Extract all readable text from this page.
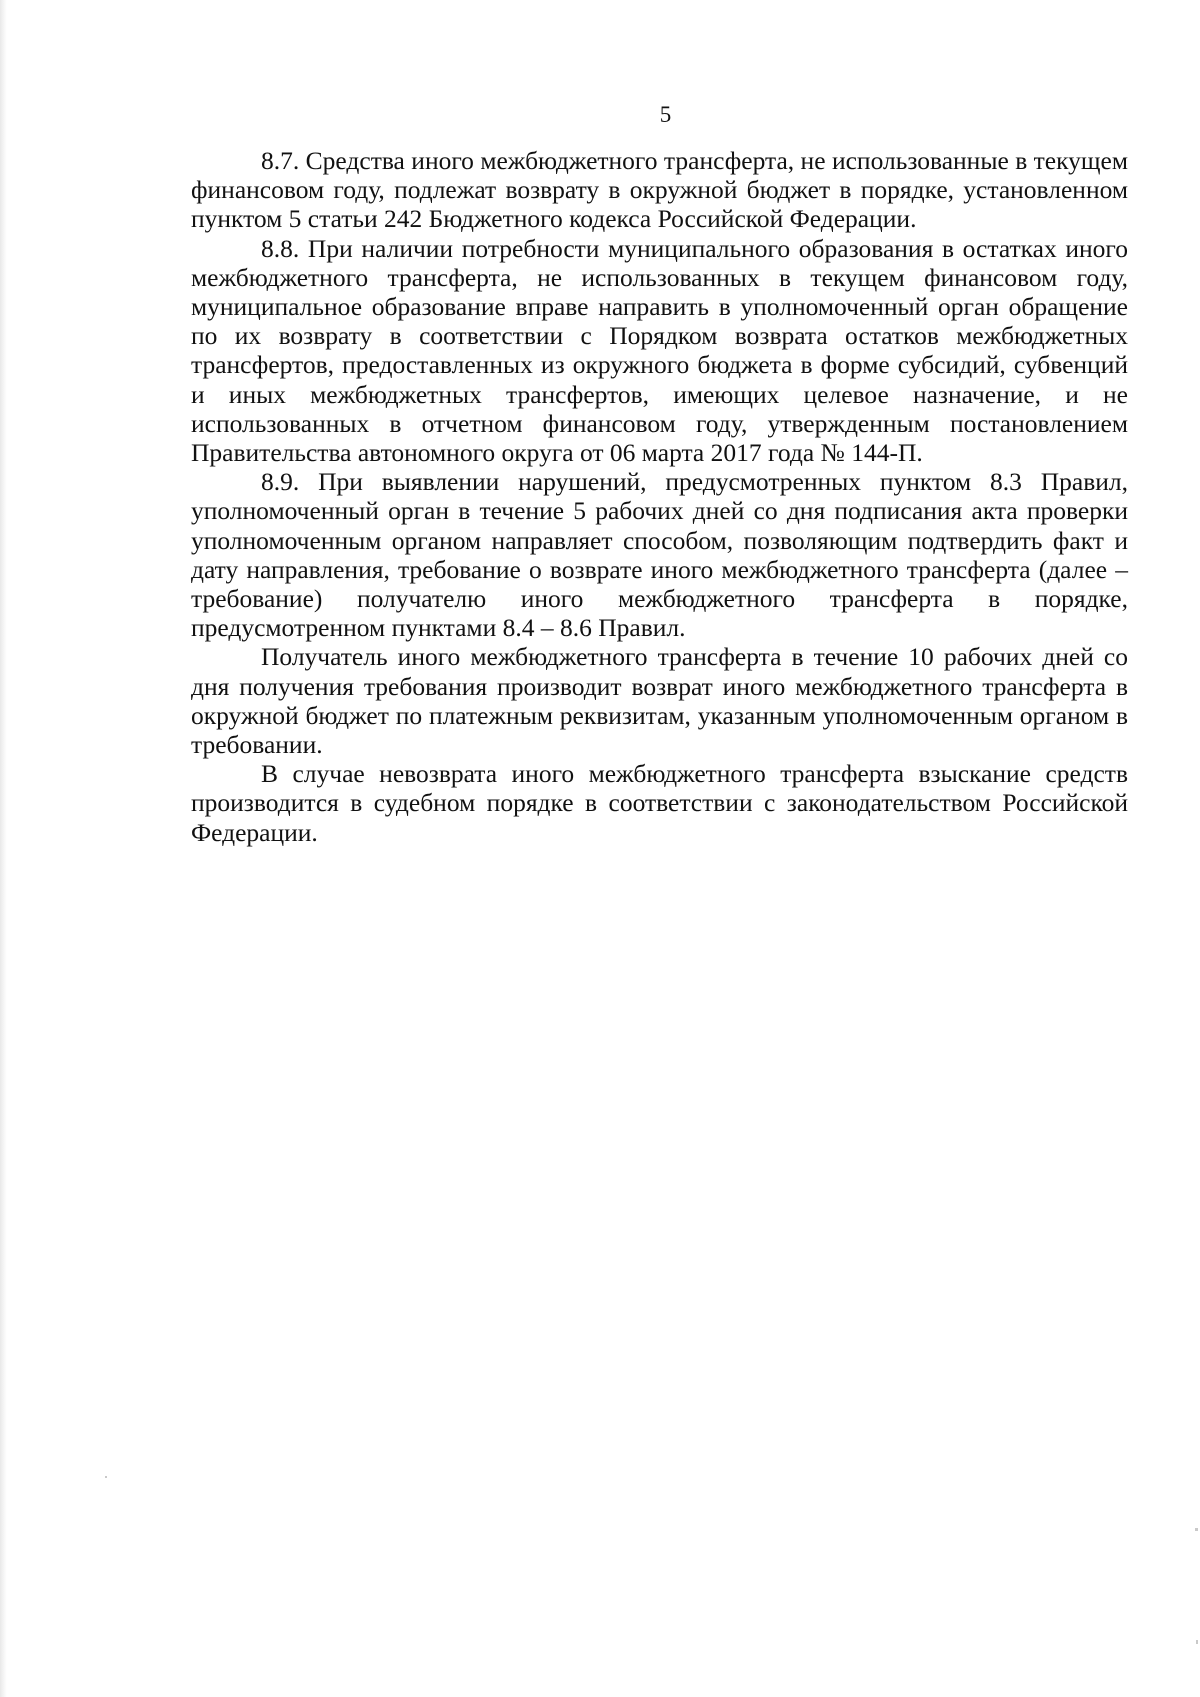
5

8.7. Средства иного межбюджетного трансферта, не использованные в текущем финансовом году, подлежат возврату в окружной бюджет в порядке, установленном пунктом 5 статьи 242 Бюджетного кодекса Российской Федерации.

8.8. При наличии потребности муниципального образования в остатках иного межбюджетного трансферта, не использованных в текущем финансовом году, муниципальное образование вправе направить в уполномоченный орган обращение по их возврату в соответствии с Порядком возврата остатков межбюджетных трансфертов, предоставленных из окружного бюджета в форме субсидий, субвенций и иных межбюджетных трансфертов, имеющих целевое назначение, и не использованных в отчетном финансовом году, утвержденным постановлением Правительства автономного округа от 06 марта 2017 года № 144-П.

8.9. При выявлении нарушений, предусмотренных пунктом 8.3 Правил, уполномоченный орган в течение 5 рабочих дней со дня подписания акта проверки уполномоченным органом направляет способом, позволяющим подтвердить факт и дату направления, требование о возврате иного межбюджетного трансферта (далее – требование) получателю иного межбюджетного трансферта в порядке, предусмотренном пунктами 8.4 – 8.6 Правил.

Получатель иного межбюджетного трансферта в течение 10 рабочих дней со дня получения требования производит возврат иного межбюджетного трансферта в окружной бюджет по платежным реквизитам, указанным уполномоченным органом в требовании.

В случае невозврата иного межбюджетного трансферта взыскание средств производится в судебном порядке в соответствии с законодательством Российской Федерации.
